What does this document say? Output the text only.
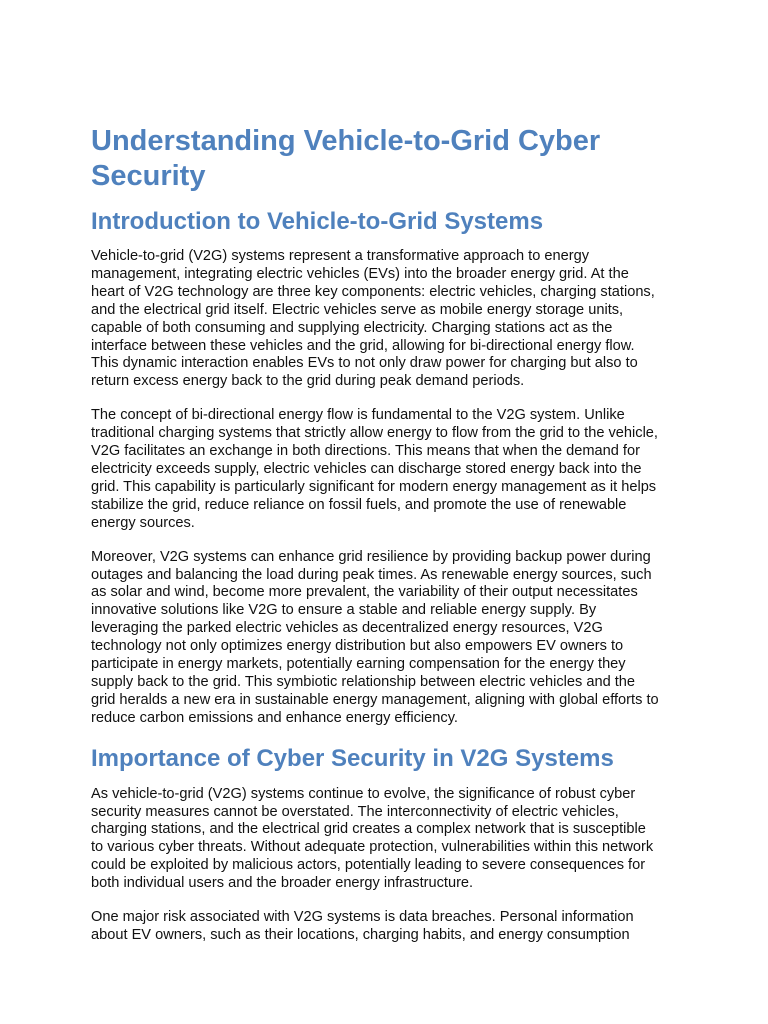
Understanding Vehicle-to-Grid Cyber
Security
Introduction to Vehicle-to-Grid Systems

Vehicle-to-grid (V2G) systems represent a transformative approach to energy
management, integrating electric vehicles (EVs) into the broader energy grid. At the
heart of V2G technology are three key components: electric vehicles, charging stations,
and the electrical grid itself. Electric vehicles serve as mobile energy storage units,
capable of both consuming and supplying electricity. Charging stations act as the
interface between these vehicles and the grid, allowing for bi-directional energy flow.
This dynamic interaction enables EVs to not only draw power for charging but also to
return excess energy back to the grid during peak demand periods.

The concept of bi-directional energy flow is fundamental to the V2G system. Unlike
traditional charging systems that strictly allow energy to flow from the grid to the vehicle,
V2G facilitates an exchange in both directions. This means that when the demand for
electricity exceeds supply, electric vehicles can discharge stored energy back into the
grid. This capability is particularly significant for modern energy management as it helps
stabilize the grid, reduce reliance on fossil fuels, and promote the use of renewable
energy sources.

Moreover, V2G systems can enhance grid resilience by providing backup power during
outages and balancing the load during peak times. As renewable energy sources, such
as solar and wind, become more prevalent, the variability of their output necessitates
innovative solutions like V2G to ensure a stable and reliable energy supply. By
leveraging the parked electric vehicles as decentralized energy resources, V2G
technology not only optimizes energy distribution but also empowers EV owners to
participate in energy markets, potentially earning compensation for the energy they
supply back to the grid. This symbiotic relationship between electric vehicles and the
grid heralds a new era in sustainable energy management, aligning with global efforts to
reduce carbon emissions and enhance energy efficiency.

Importance of Cyber Security in V2G Systems

As vehicle-to-grid (V2G) systems continue to evolve, the significance of robust cyber
security measures cannot be overstated. The interconnectivity of electric vehicles,
charging stations, and the electrical grid creates a complex network that is susceptible
to various cyber threats. Without adequate protection, vulnerabilities within this network
could be exploited by malicious actors, potentially leading to severe consequences for
both individual users and the broader energy infrastructure.

One major risk associated with V2G systems is data breaches. Personal information
about EV owners, such as their locations, charging habits, and energy consumption
